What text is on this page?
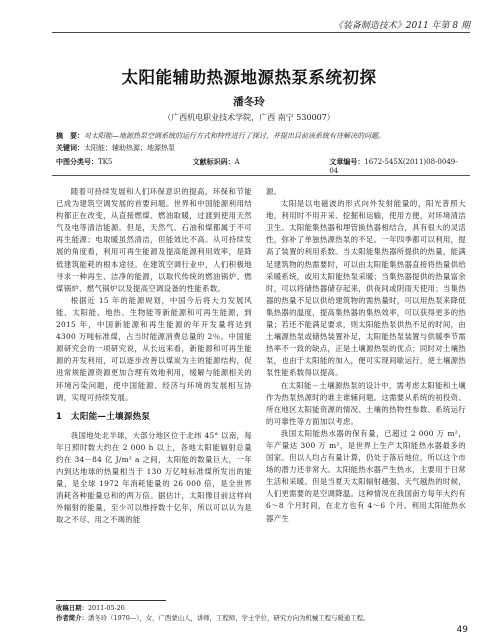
《装备制造技术》2011 年第 8 期
太阳能辅助热源地源热泵系统初探
潘冬玲
（广西机电职业技术学院，广西 南宁 530007）
摘　要：对太阳能—地源热泵空调系统的运行方式和特性进行了探讨，并提出目前该系统有待解决的问题。
关键词：太阳能；辅助热源；地源热泵
中图分类号：TK5	文献标识码：A	文章编号：1672-545X(2011)08-0049-04

随着可持续发展和人们环保意识的提高，环保和节能已成为建筑空调发展的首要问题。世界和中国能源利用结构都正在改变，从直接燃煤、燃油取暖，过渡到使用天然气及电等清洁能源。但是，天然气、石油和煤都属于不可再生能源；电取暖虽然清洁，但能效比不高。从可持续发展的角度看，利用可再生能源及提高能源利用效率，是降低建筑能耗的根本途径。在建筑空调行业中，人们积极地寻求一种再生、洁净的能源，以取代传统的燃油锅炉、燃煤锅炉、燃气锅炉以及提高空调设备的性能系数。

根据近 15 年的能源规划，中国今后将大力发展风能、太阳能、地热、生物能等新能源和可再生能源，到 2015 年，中国新能源和再生能源的年开发量将达到 4300 万吨标准煤，占当时能源消费总量的 2％。中国能源研究会的一项研究说，从长远来看，新能源和可再生能源的开发利用，可以逐步改善以煤炭为主的能源结构，促进常规能源资源更加合理有效地利用，缓解与能源相关的环境污染问题，使中国能源、经济与环境的发展相互协调，实现可持续发展。

1　太阳能—土壤源热泵

我国地处北半球，大部分地区位于北纬 45° 以南，每年日照时数大约在 2 000 h 以上，各地太阳能辐射总量约在 34－84 亿 J/m² a 之间，太阳能的数量巨大，一年内到达地球的热量相当于 130 万亿吨标准煤所发出的能量，是全球 1972 年消耗能量的 26 000 倍，是全世界消耗各种能量总和的两万倍。据估计，太阳像目前这样向外辐射的能量，至少可以维持数十亿年，所以可以认为是取之不尽、用之不竭的能

源。

太阳是以电磁波的形式向外发射能量的，阳光普照大地，利用时不用开采、挖掘和运输，使用方便，对环境清洁卫生。太阳能集热器和埋管换热器相结合，具有很大的灵活性，弥补了单独热源热泵的不足。一年四季都可以利用，提高了装置的利用系数。当太阳能集热器所提供的热量，能满足建筑物的热需要时，可以由太阳能集热器直接将热量供给采暖系统，或用太阳能热泵采暖；当集热器提供的热量富余时，可以将储热器储存起来，供夜间或阴雨天使用；当集热器的热量不足以供给建筑物的需热量时，可以用热泵来降低集热器的温度，提高集热器的集热效率，可以获得更多的热量；若还不能满足要求，则太阳能热泵供热不足的时间，由土壤源热泵或储热装置补足，太阳能热泵装置与供暖季节需热率不一致的缺点，正是土壤源热泵的优点；同时对土壤热泵，也由于太阳能的加入，便可实现间歇运行，使土壤源热泵性能系数得以提高。

在太阳能－土壤源热泵的设计中，需考虑太阳能和土壤作为热泵热源时的谁主谁辅问题。这需要从系统的初投资、所在地区太阳能资源的情况、土壤的热物性参数、系统运行的可靠性等方面加以考虑。

我国太阳能热水器的保有量，已超过 2 000 万 m²，年产量达 300 万 m²，是世界上生产太阳能热水器最多的国家。但以人均占有量计算，仍处于落后地位，所以这个市场的潜力还非常大。太阳能热水器产生热水，主要用于日常生活和采暖。但是当夏天太阳辐射越强、天气越热的时候，人们更需要的是空调降温。这种情况在我国南方每年大约有 6～8 个月时间，在北方也有 4～6 个月。利用太阳能热水器产生

收稿日期：2011-05-26
作者简介：潘冬玲（1970—），女，广西蒙山人，讲师，工程师，学士学位，研究方向为机械工程与暖通工程。
49
